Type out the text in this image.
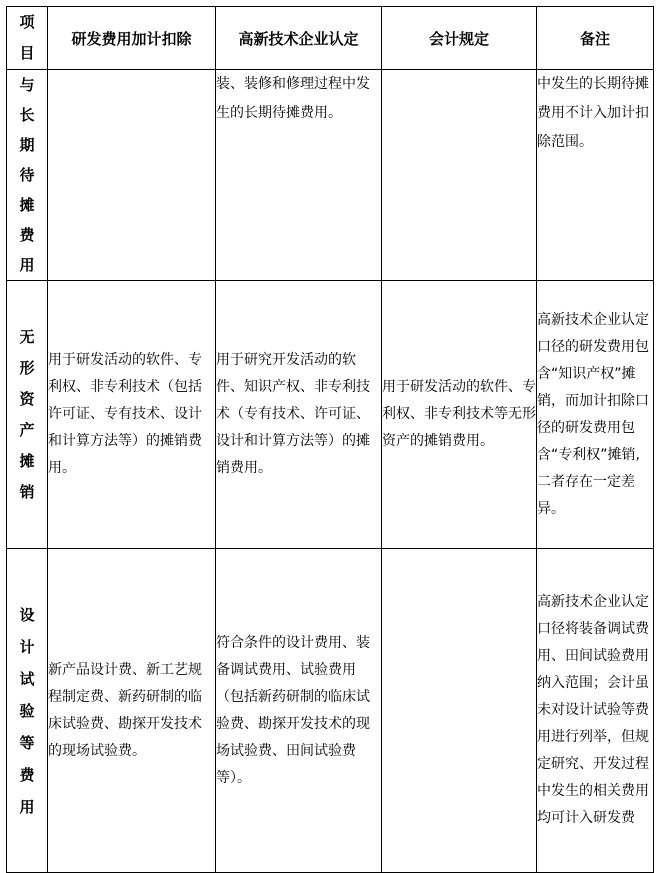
项目	研发费用加计扣除	高新技术企业认定	会计规定	备注
与长期待摊费用		装、装修和修理过程中发生的长期待摊费用。		中发生的长期待摊费用不计入加计扣除范围。
无形资产摊销	用于研发活动的软件、专利权、非专利技术（包括许可证、专有技术、设计和计算方法等）的摊销费用。	用于研究开发活动的软件、知识产权、非专利技术（专有技术、许可证、设计和计算方法等）的摊销费用。	用于研发活动的软件、专利权、非专利技术等无形资产的摊销费用。	高新技术企业认定口径的研发费用包含“知识产权”摊销，而加计扣除口径的研发费用包含“专利权”摊销,二者存在一定差异。
设计试验等费用	新产品设计费、新工艺规程制定费、新药研制的临床试验费、勘探开发技术的现场试验费。	符合条件的设计费用、装备调试费用、试验费用（包括新药研制的临床试验费、勘探开发技术的现场试验费、田间试验费等）。		高新技术企业认定口径将装备调试费用、田间试验费用纳入范围；会计虽未对设计试验等费用进行列举，但规定研究、开发过程中发生的相关费用均可计入研发费
